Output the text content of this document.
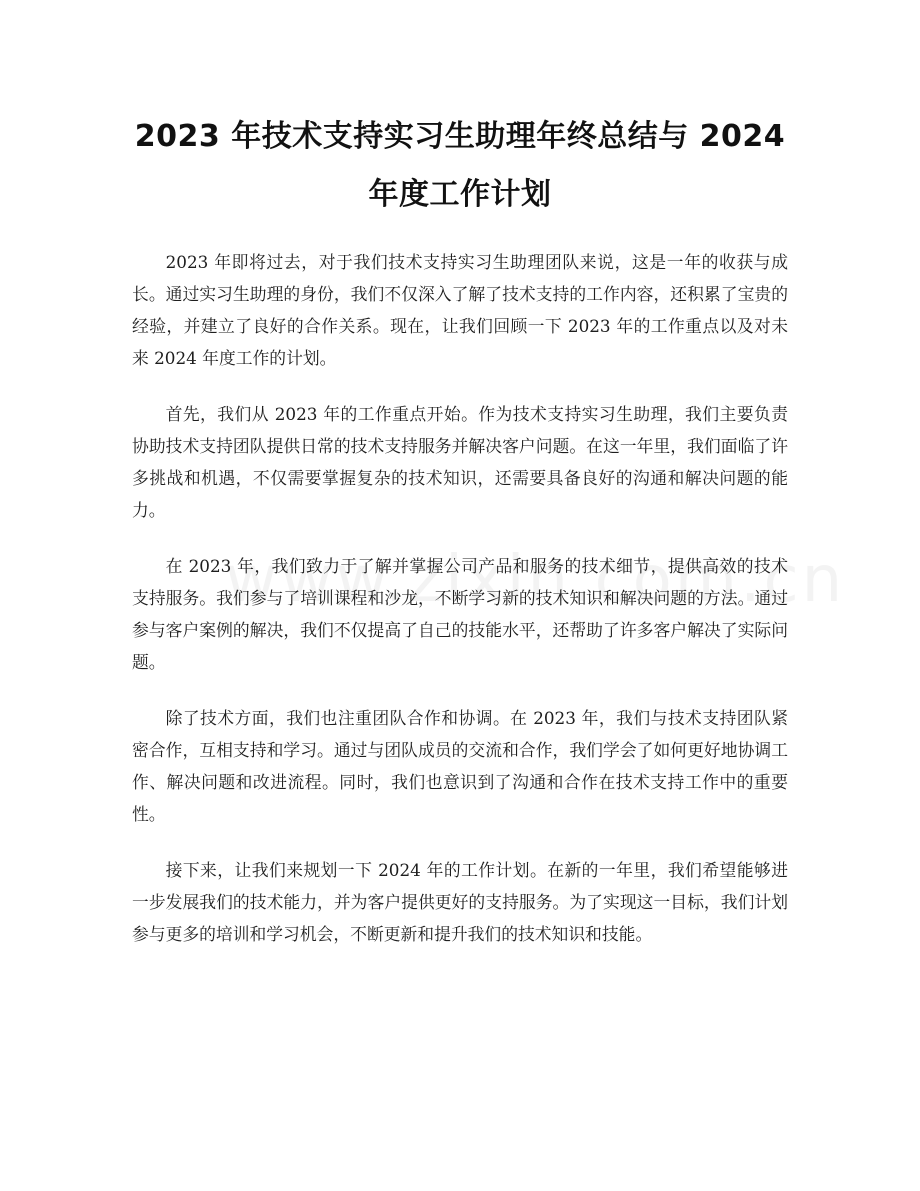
2023 年技术支持实习生助理年终总结与 2024
年度工作计划

2023 年即将过去，对于我们技术支持实习生助理团队来说，这是一年的收获与成长。通过实习生助理的身份，我们不仅深入了解了技术支持的工作内容，还积累了宝贵的经验，并建立了良好的合作关系。现在，让我们回顾一下 2023 年的工作重点以及对未来 2024 年度工作的计划。

首先，我们从 2023 年的工作重点开始。作为技术支持实习生助理，我们主要负责协助技术支持团队提供日常的技术支持服务并解决客户问题。在这一年里，我们面临了许多挑战和机遇，不仅需要掌握复杂的技术知识，还需要具备良好的沟通和解决问题的能力。

在 2023 年，我们致力于了解并掌握公司产品和服务的技术细节，提供高效的技术支持服务。我们参与了培训课程和沙龙，不断学习新的技术知识和解决问题的方法。通过参与客户案例的解决，我们不仅提高了自己的技能水平，还帮助了许多客户解决了实际问题。

除了技术方面，我们也注重团队合作和协调。在 2023 年，我们与技术支持团队紧密合作，互相支持和学习。通过与团队成员的交流和合作，我们学会了如何更好地协调工作、解决问题和改进流程。同时，我们也意识到了沟通和合作在技术支持工作中的重要性。

接下来，让我们来规划一下 2024 年的工作计划。在新的一年里，我们希望能够进一步发展我们的技术能力，并为客户提供更好的支持服务。为了实现这一目标，我们计划参与更多的培训和学习机会，不断更新和提升我们的技术知识和技能。
